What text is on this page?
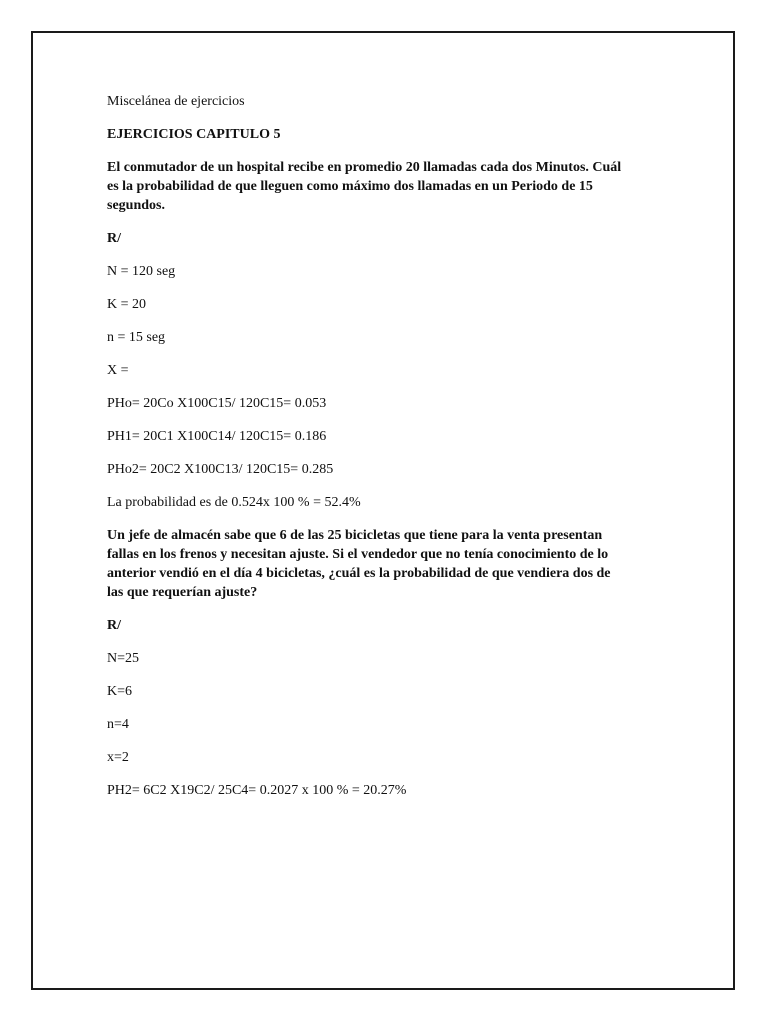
Miscelánea de ejercicios

EJERCICIOS CAPITULO 5

El conmutador de un hospital recibe en promedio 20 llamadas cada dos Minutos. Cuál
es la probabilidad de que lleguen como máximo dos llamadas en un Periodo de 15
segundos.

R/

N = 120 seg

K = 20

n = 15 seg

X =

PHo= 20Co X100C15/ 120C15= 0.053

PH1= 20C1 X100C14/ 120C15= 0.186

PHo2= 20C2 X100C13/ 120C15= 0.285

La probabilidad es de 0.524x 100 % = 52.4%

Un jefe de almacén sabe que 6 de las 25 bicicletas que tiene para la venta presentan
fallas en los frenos y necesitan ajuste. Si el vendedor que no tenía conocimiento de lo
anterior vendió en el día 4 bicicletas, ¿cuál es la probabilidad de que vendiera dos de
las que requerían ajuste?

R/

N=25

K=6

n=4

x=2

PH2= 6C2 X19C2/ 25C4= 0.2027 x 100 % = 20.27%
